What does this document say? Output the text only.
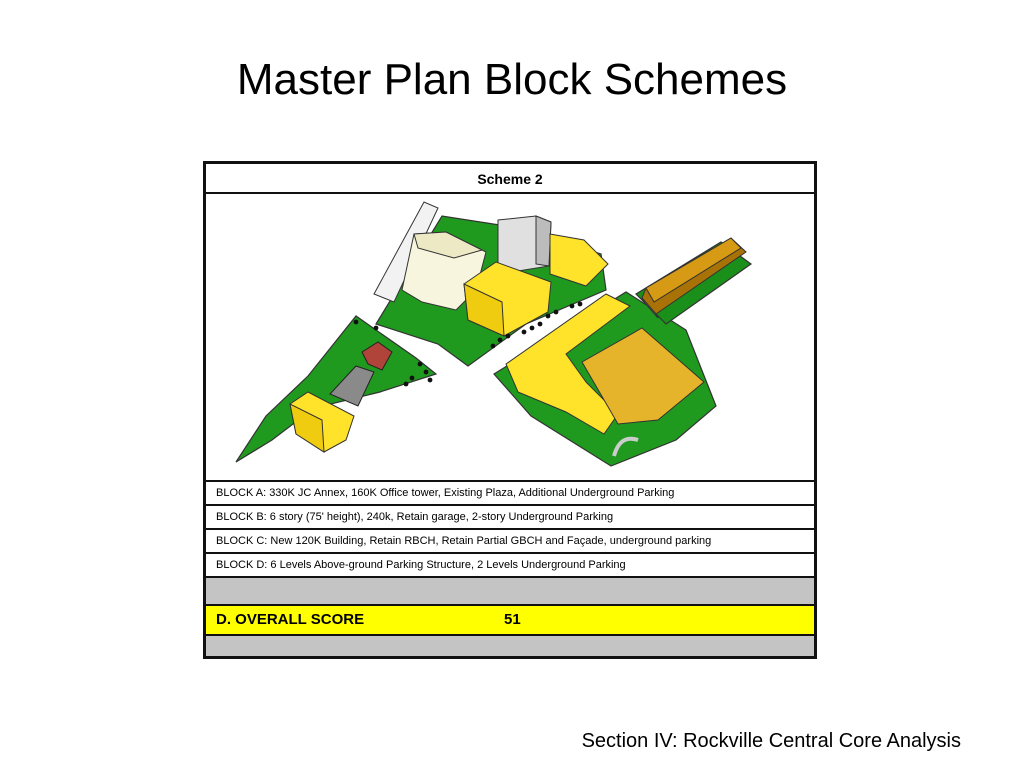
Master Plan Block Schemes
Scheme 2
BLOCK A: 330K JC Annex, 160K Office tower, Existing Plaza, Additional Underground Parking
BLOCK B: 6 story (75' height), 240k, Retain garage, 2-story Underground Parking
BLOCK C: New 120K Building, Retain RBCH, Retain Partial GBCH and Façade, underground parking
BLOCK D: 6 Levels Above-ground Parking Structure, 2 Levels Underground Parking
D. OVERALL SCORE	51
Section IV: Rockville Central Core Analysis
